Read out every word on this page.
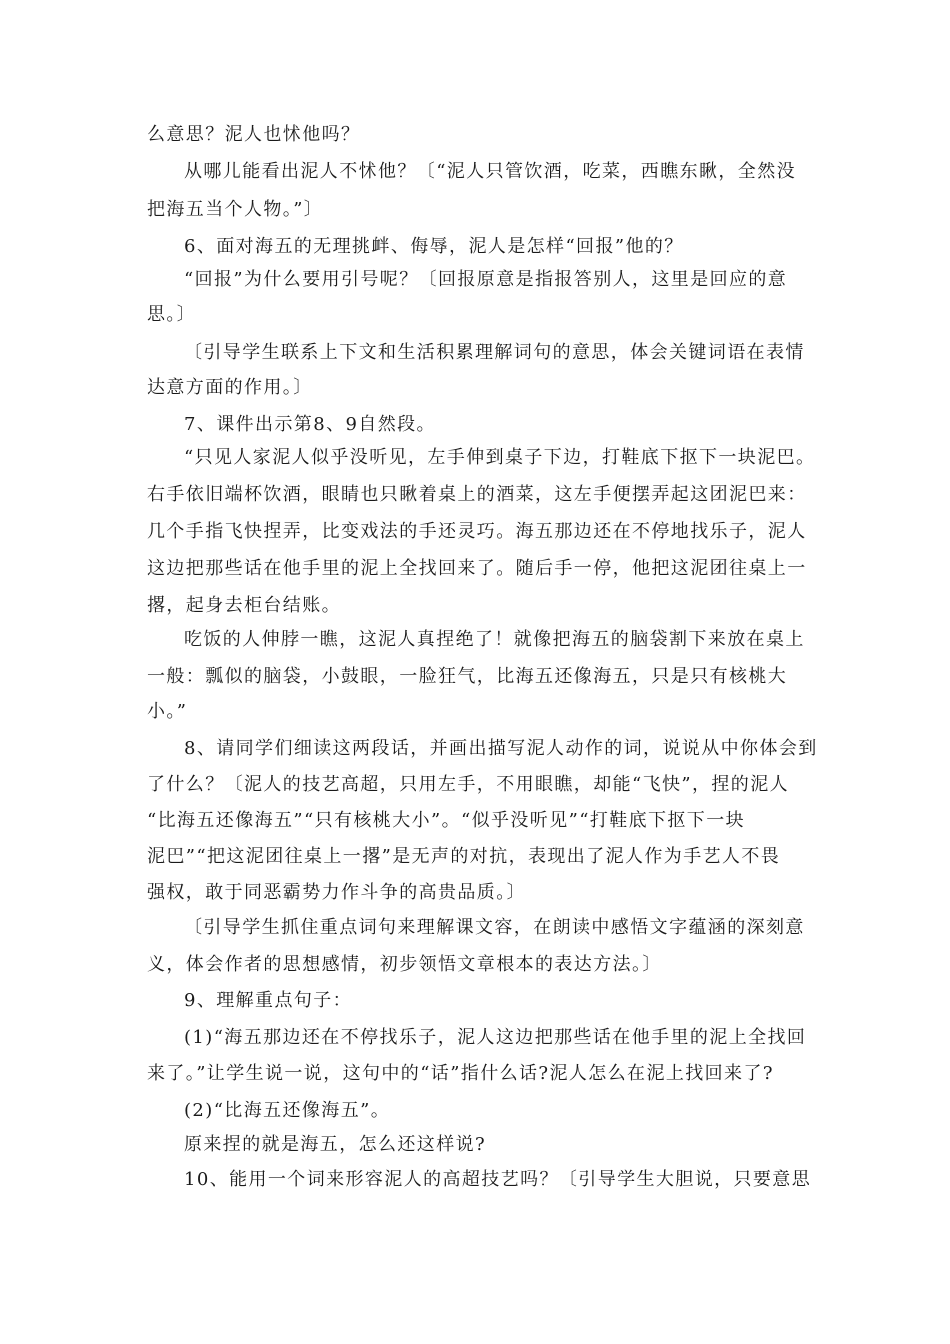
么意思？泥人也怵他吗？
从哪儿能看出泥人不怵他？〔“泥人只管饮酒，吃菜，西瞧东瞅，全然没
把海五当个人物。”〕
6、面对海五的无理挑衅、侮辱，泥人是怎样“回报”他的？
“回报”为什么要用引号呢？〔回报原意是指报答别人，这里是回应的意
思。〕
〔引导学生联系上下文和生活积累理解词句的意思，体会关键词语在表情
达意方面的作用。〕
7、课件出示第8、9自然段。
“只见人家泥人似乎没听见，左手伸到桌子下边，打鞋底下抠下一块泥巴。
右手依旧端杯饮酒，眼睛也只瞅着桌上的酒菜，这左手便摆弄起这团泥巴来：
几个手指飞快捏弄，比变戏法的手还灵巧。海五那边还在不停地找乐子，泥人
这边把那些话在他手里的泥上全找回来了。随后手一停，他把这泥团往桌上一
撂，起身去柜台结账。
吃饭的人伸脖一瞧，这泥人真捏绝了！就像把海五的脑袋割下来放在桌上
一般：瓢似的脑袋，小鼓眼，一脸狂气，比海五还像海五，只是只有核桃大
小。”
8、请同学们细读这两段话，并画出描写泥人动作的词，说说从中你体会到
了什么？〔泥人的技艺高超，只用左手，不用眼瞧，却能“飞快”，捏的泥人
“比海五还像海五”“只有核桃大小”。“似乎没听见”“打鞋底下抠下一块
泥巴”“把这泥团往桌上一撂”是无声的对抗，表现出了泥人作为手艺人不畏
强权，敢于同恶霸势力作斗争的高贵品质。〕
〔引导学生抓住重点词句来理解课文容，在朗读中感悟文字蕴涵的深刻意
义，体会作者的思想感情，初步领悟文章根本的表达方法。〕
9、理解重点句子：
(1)“海五那边还在不停找乐子，泥人这边把那些话在他手里的泥上全找回
来了。”让学生说一说，这句中的“话”指什么话?泥人怎么在泥上找回来了?
(2)“比海五还像海五”。
原来捏的就是海五，怎么还这样说?
10、能用一个词来形容泥人的高超技艺吗？〔引导学生大胆说，只要意思
